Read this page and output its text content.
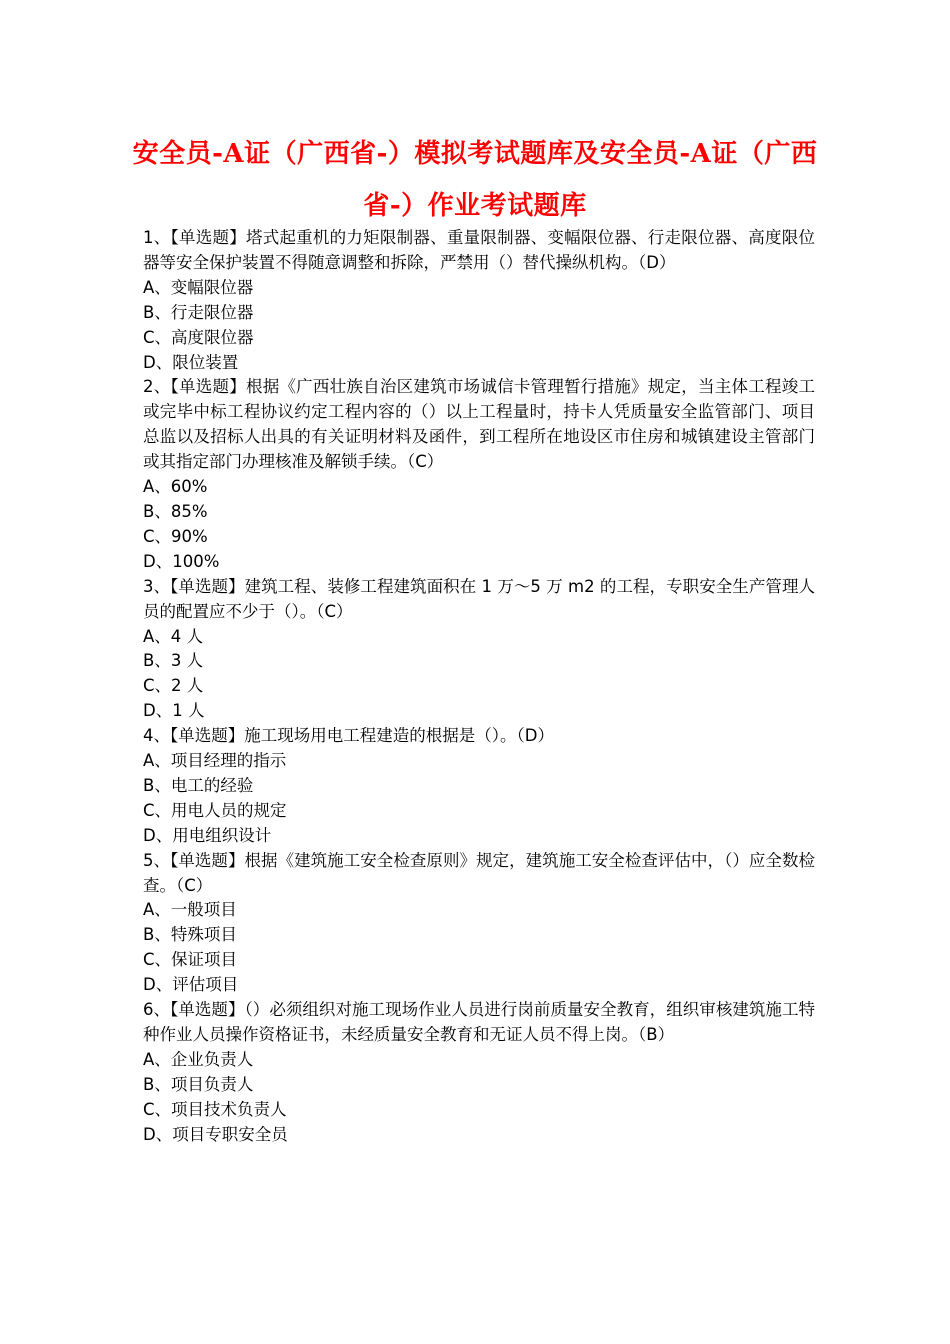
安全员-A证（广西省-）模拟考试题库及安全员-A证（广西省-）作业考试题库

1、【单选题】塔式起重机的力矩限制器、重量限制器、变幅限位器、行走限位器、高度限位器等安全保护装置不得随意调整和拆除，严禁用（）替代操纵机构。（D）

A、变幅限位器

B、行走限位器

C、高度限位器

D、限位装置

2、【单选题】根据《广西壮族自治区建筑市场诚信卡管理暂行措施》规定，当主体工程竣工或完毕中标工程协议约定工程内容的（）以上工程量时，持卡人凭质量安全监管部门、项目总监以及招标人出具的有关证明材料及函件，到工程所在地设区市住房和城镇建设主管部门或其指定部门办理核准及解锁手续。（C）

A、60%

B、85%

C、90%

D、100%

3、【单选题】建筑工程、装修工程建筑面积在 1 万～5 万 m2 的工程，专职安全生产管理人员的配置应不少于（）。（C）

A、4 人

B、3 人

C、2 人

D、1 人

4、【单选题】施工现场用电工程建造的根据是（）。（D）

A、项目经理的指示

B、电工的经验

C、用电人员的规定

D、用电组织设计

5、【单选题】根据《建筑施工安全检查原则》规定，建筑施工安全检查评估中，（）应全数检查。（C）

A、一般项目

B、特殊项目

C、保证项目

D、评估项目

6、【单选题】（）必须组织对施工现场作业人员进行岗前质量安全教育，组织审核建筑施工特种作业人员操作资格证书，未经质量安全教育和无证人员不得上岗。（B）

A、企业负责人

B、项目负责人

C、项目技术负责人

D、项目专职安全员
